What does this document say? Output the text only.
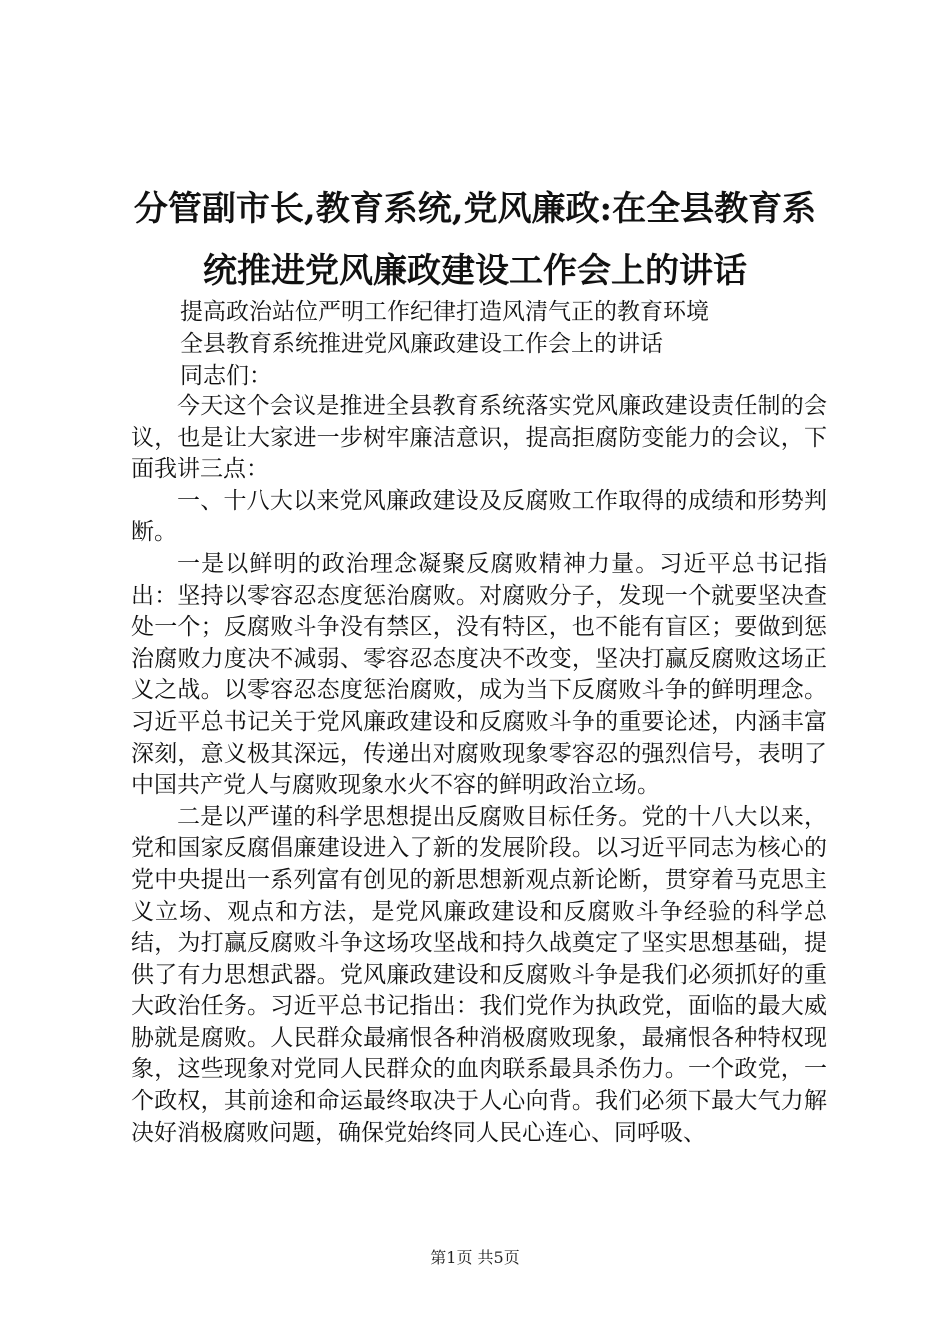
分管副市长,教育系统,党风廉政:在全县教育系统推进党风廉政建设工作会上的讲话

提高政治站位严明工作纪律打造风清气正的教育环境

全县教育系统推进党风廉政建设工作会上的讲话

同志们：

今天这个会议是推进全县教育系统落实党风廉政建设责任制的会议，也是让大家进一步树牢廉洁意识，提高拒腐防变能力的会议，下面我讲三点：

一、十八大以来党风廉政建设及反腐败工作取得的成绩和形势判断。

一是以鲜明的政治理念凝聚反腐败精神力量。习近平总书记指出：坚持以零容忍态度惩治腐败。对腐败分子，发现一个就要坚决查处一个；反腐败斗争没有禁区，没有特区，也不能有盲区；要做到惩治腐败力度决不减弱、零容忍态度决不改变，坚决打赢反腐败这场正义之战。以零容忍态度惩治腐败，成为当下反腐败斗争的鲜明理念。习近平总书记关于党风廉政建设和反腐败斗争的重要论述，内涵丰富深刻，意义极其深远，传递出对腐败现象零容忍的强烈信号，表明了中国共产党人与腐败现象水火不容的鲜明政治立场。

二是以严谨的科学思想提出反腐败目标任务。党的十八大以来，党和国家反腐倡廉建设进入了新的发展阶段。以习近平同志为核心的党中央提出一系列富有创见的新思想新观点新论断，贯穿着马克思主义立场、观点和方法，是党风廉政建设和反腐败斗争经验的科学总结，为打赢反腐败斗争这场攻坚战和持久战奠定了坚实思想基础，提供了有力思想武器。党风廉政建设和反腐败斗争是我们必须抓好的重大政治任务。习近平总书记指出：我们党作为执政党，面临的最大威胁就是腐败。人民群众最痛恨各种消极腐败现象，最痛恨各种特权现象，这些现象对党同人民群众的血肉联系最具杀伤力。一个政党，一个政权，其前途和命运最终取决于人心向背。我们必须下最大气力解决好消极腐败问题，确保党始终同人民心连心、同呼吸、

第1页 共5页
